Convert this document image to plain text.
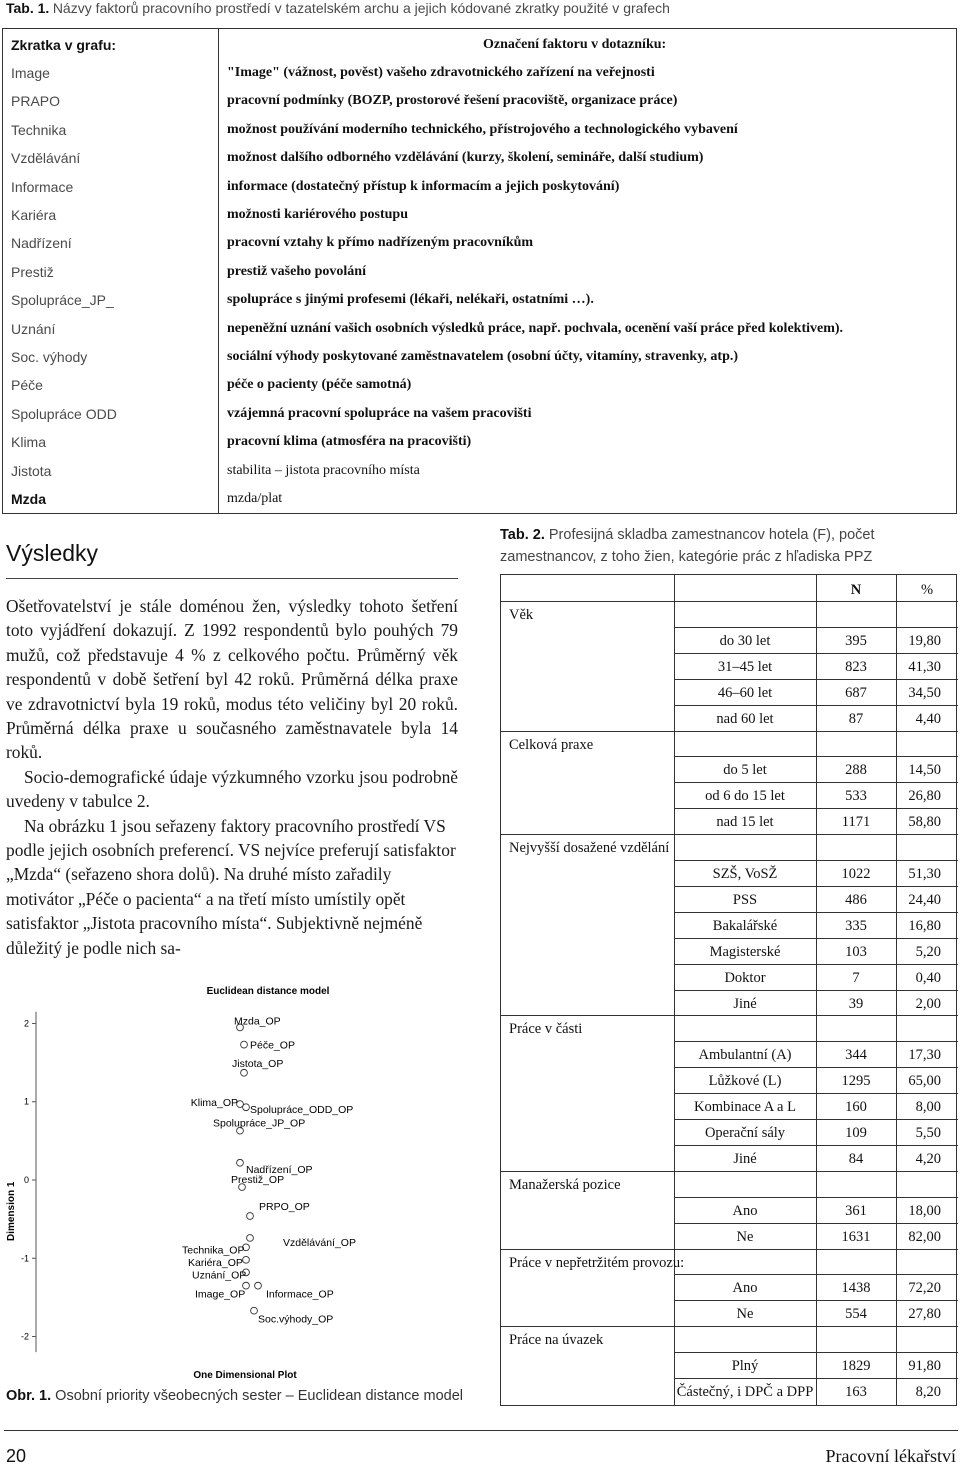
Tab. 1. Názvy faktorů pracovního prostředí v tazatelském archu a jejich kódované zkratky použité v grafech
Zkratka v grafu:	Označení faktoru v dotazníku:
Image	"Image" (vážnost, pověst) vašeho zdravotnického zařízení na veřejnosti
PRAPO	pracovní podmínky (BOZP, prostorové řešení pracoviště, organizace práce)
Technika	možnost používání moderního technického, přístrojového a technologického vybavení
Vzdělávání	možnost dalšího odborného vzdělávání (kurzy, školení, semináře, další studium)
Informace	informace (dostatečný přístup k informacím a jejich poskytování)
Kariéra	možnosti kariérového postupu
Nadřízení	pracovní vztahy k přímo nadřízeným pracovníkům
Prestiž	prestiž vašeho povolání
Spolupráce_JP_	spolupráce s jinými profesemi (lékaři, nelékaři, ostatními …).
Uznání	nepeněžní uznání vašich osobních výsledků práce, např. pochvala, ocenění vaší práce před kolektivem).
Soc. výhody	sociální výhody poskytované zaměstnavatelem (osobní účty, vitamíny, stravenky, atp.)
Péče	péče o pacienty (péče samotná)
Spolupráce ODD	vzájemná pracovní spolupráce na vašem pracovišti
Klima	pracovní klima (atmosféra na pracovišti)
Jistota	stabilita – jistota pracovního místa
Mzda	mzda/plat
Výsledky

Ošetřovatelství je stále doménou žen, výsledky tohoto šetření toto vyjádření dokazují. Z 1992 respondentů bylo pouhých 79 mužů, což představuje 4 % z celkového počtu. Průměrný věk respondentů v době šetření byl 42 roků. Průměrná délka praxe ve zdravotnictví byla 19 roků, modus této veličiny byl 20 roků. Průměrná délka praxe u současného zaměstnavatele byla 14 roků.

Socio-demografické údaje výzkumného vzorku jsou podrobně uvedeny v tabulce 2.

Na obrázku 1 jsou seřazeny faktory pracovního prostředí VS podle jejich osobních preferencí. VS nejvíce preferují satisfaktor „Mzda“ (seřazeno shora dolů). Na druhé místo zařadily motivátor „Péče o pacienta“ a na třetí místo umístily opět satisfaktor „Jistota pracovního místa“. Subjektivně nejméně důležitý je podle nich sa-

Euclidean distance model
2
1
0
-1
-2
Dimension 1
One Dimensional Plot
Mzda_OP
Péče_OP
Jistota_OP
Klima_OP
Spolupráce_ODD_OP
Spolupráce_JP_OP
Nadřízení_OP
Prestiž_OP
PRPO_OP
Vzdělávání_OP
Technika_OP
Kariéra_OP
Uznání_OP
Image_OP Informace_OP
Soc.výhody_OP
Obr. 1. Osobní priority všeobecných sester – Euclidean distance model
Tab. 2. Profesijná skladba zamestnancov hotela (F), počet zamestnancov, z toho žien, kategórie prác z hľadiska PPZ
N	%
Věk
do 30 let	395	19,80
31–45 let	823	41,30
46–60 let	687	34,50
nad 60 let	87	4,40
Celková praxe
do 5 let	288	14,50
od 6 do 15 let	533	26,80
nad 15 let	1171	58,80
Nejvyšší dosažené vzdělání
SZŠ, VoSŽ	1022	51,30
PSS	486	24,40
Bakalářské	335	16,80
Magisterské	103	5,20
Doktor	7	0,40
Jiné	39	2,00
Práce v části
Ambulantní (A)	344	17,30
Lůžkové (L)	1295	65,00
Kombinace A a L	160	8,00
Operační sály	109	5,50
Jiné	84	4,20
Manažerská pozice
Ano	361	18,00
Ne	1631	82,00
Práce v nepřetržitém provozu:
Ano	1438	72,20
Ne	554	27,80
Práce na úvazek
Plný	1829	91,80
Částečný, i DPČ a DPP	163	8,20
20	Pracovní lékařství
